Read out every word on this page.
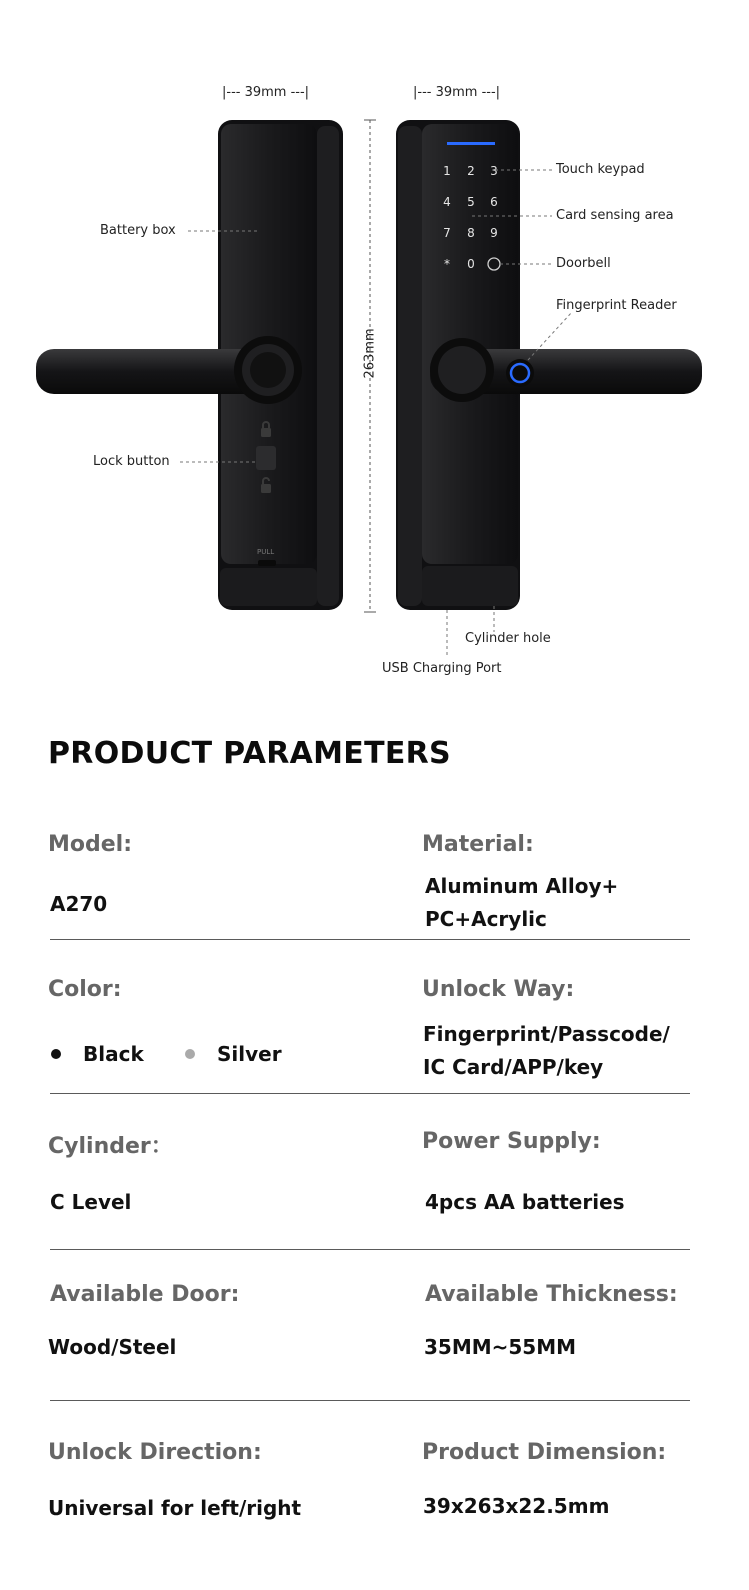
1 2 3
4 5 6
7 8 9
* 0
|--- 39mm ---|	|--- 39mm ---|
263mm
PULL
Battery box
Lock button
Touch keypad
Card sensing area
Doorbell
Fingerprint Reader
Cylinder hole
USB Charging Port
PRODUCT PARAMETERS
Model:
A270
Material:
Aluminum Alloy+
PC+Acrylic
Color:
Black	Silver
Unlock Way:
Fingerprint/Passcode/
IC Card/APP/key
Cylinder：
C Level
Power Supply:
4pcs AA batteries
Available Door:
Wood/Steel
Available Thickness:
35MM~55MM
Unlock Direction:
Universal for left/right
Product Dimension:
39x263x22.5mm
